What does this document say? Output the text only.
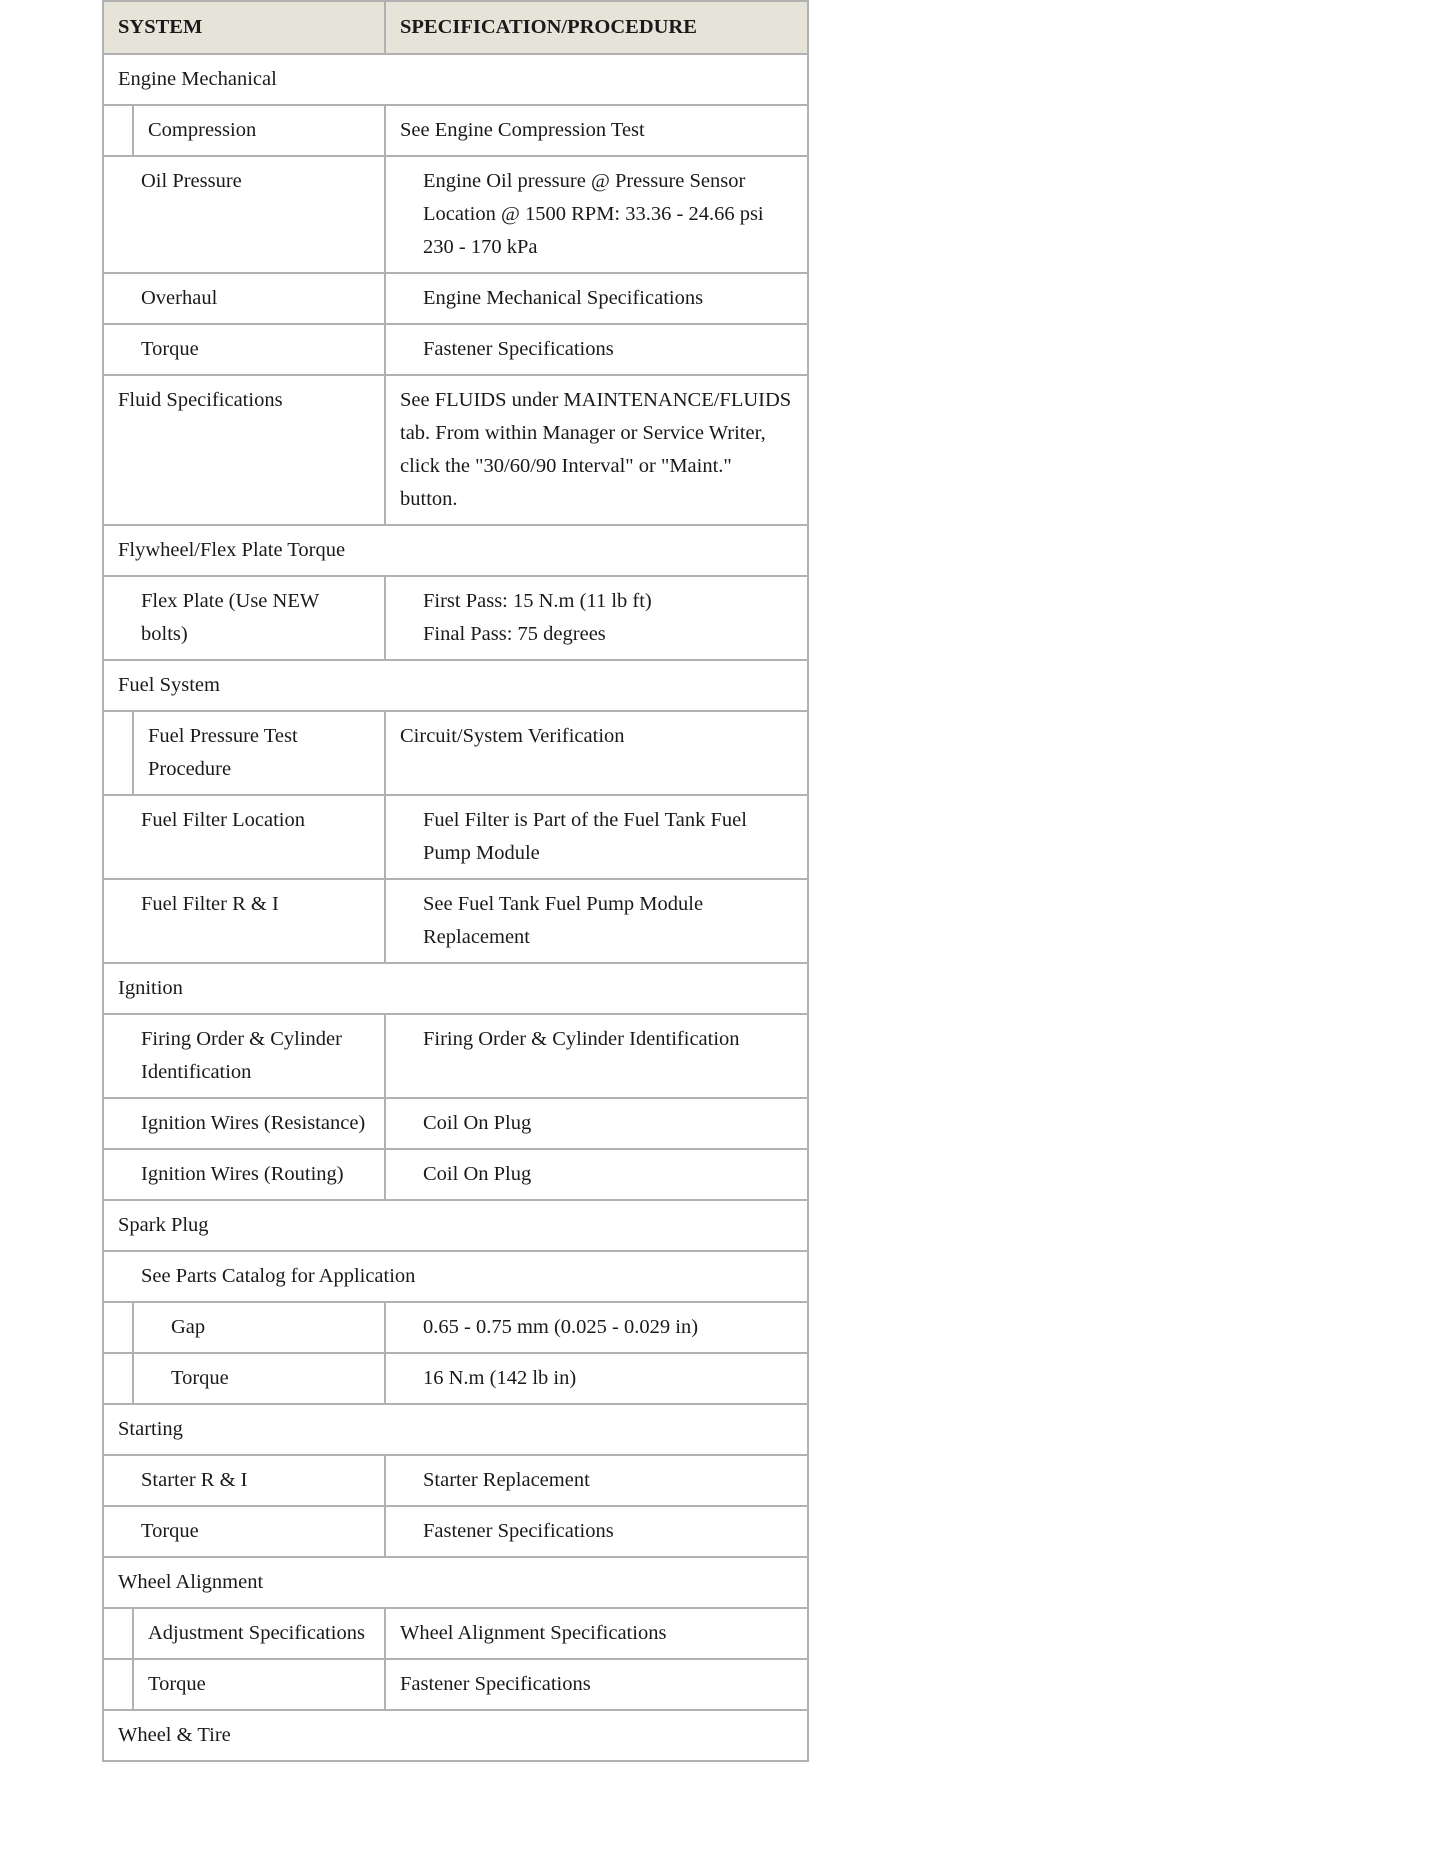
SYSTEM		SPECIFICATION/PROCEDURE
Engine Mechanical		
	Compression	See Engine Compression Test

Oil Pressure		Engine Oil pressure @ Pressure Sensor Location @ 1500 RPM: 33.36 - 24.66 psi 230 - 170 kPa

Overhaul		Engine Mechanical Specifications

Torque		Fastener Specifications

Fluid Specifications		See FLUIDS under MAINTENANCE/FLUIDS tab. From within Manager or Service Writer, click the "30/60/90 Interval" or "Maint." button.

Flywheel/Flex Plate Torque		
Flex Plate (Use NEW bolts)		First Pass: 15 N.m (11 lb ft)
Final Pass: 75 degrees

Fuel System		
	Fuel Pressure Test Procedure	Circuit/System Verification

Fuel Filter Location		Fuel Filter is Part of the Fuel Tank Fuel Pump Module

Fuel Filter R & I		See Fuel Tank Fuel Pump Module Replacement

Ignition		
Firing Order & Cylinder Identification		Firing Order & Cylinder Identification

Ignition Wires (Resistance)		Coil On Plug

Ignition Wires (Routing)		Coil On Plug

Spark Plug		
See Parts Catalog for Application		
	Gap	0.65 - 0.75 mm (0.025 - 0.029 in)

	Torque	16 N.m (142 lb in)

Starting		
Starter R & I		Starter Replacement

Torque		Fastener Specifications

Wheel Alignment		
	Adjustment Specifications	Wheel Alignment Specifications

	Torque	Fastener Specifications

Wheel & Tire		
